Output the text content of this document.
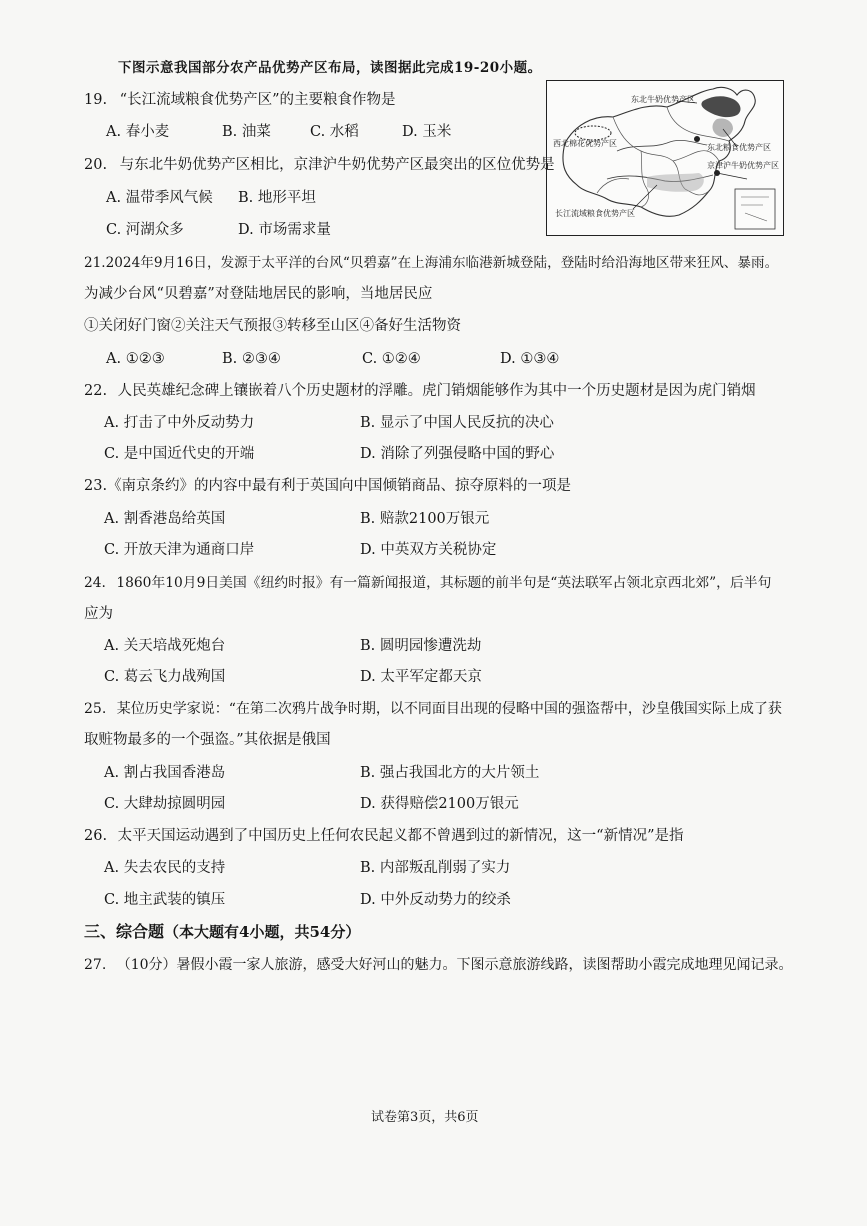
下图示意我国部分农产品优势产区布局，读图据此完成19-20小题。
东北牛奶优势产区
西北棉花优势产区	东北粮食优势产区
京津沪牛奶优势产区
长江流域粮食优势产区
19. “长江流域粮食优势产区”的主要粮食作物是
A. 春小麦	B. 油菜	C. 水稻	D. 玉米
20. 与东北牛奶优势产区相比，京津沪牛奶优势产区最突出的区位优势是
A. 温带季风气候 B. 地形平坦
C. 河湖众多	D. 市场需求量
21.2024年9月16日，发源于太平洋的台风“贝碧嘉”在上海浦东临港新城登陆，登陆时给沿海地区带来狂风、暴雨。
为减少台风“贝碧嘉”对登陆地居民的影响，当地居民应
①关闭好门窗②关注天气预报③转移至山区④备好生活物资
A. ①②③	B. ②③④	C. ①②④	D. ①③④
22. 人民英雄纪念碑上镶嵌着八个历史题材的浮雕。虎门销烟能够作为其中一个历史题材是因为虎门销烟
A. 打击了中外反动势力	B. 显示了中国人民反抗的决心
C. 是中国近代史的开端	D. 消除了列强侵略中国的野心
23.《南京条约》的内容中最有利于英国向中国倾销商品、掠夺原料的一项是
A. 割香港岛给英国	B. 赔款2100万银元
C. 开放天津为通商口岸	D. 中英双方关税协定
24. 1860年10月9日美国《纽约时报》有一篇新闻报道，其标题的前半句是“英法联军占领北京西北郊”，后半句
应为
A. 关天培战死炮台	B. 圆明园惨遭洗劫
C. 葛云飞力战殉国	D. 太平军定都天京
25. 某位历史学家说：“在第二次鸦片战争时期，以不同面目出现的侵略中国的强盗帮中，沙皇俄国实际上成了获
取赃物最多的一个强盗。”其依据是俄国
A. 割占我国香港岛	B. 强占我国北方的大片领土
C. 大肆劫掠圆明园	D. 获得赔偿2100万银元
26. 太平天国运动遇到了中国历史上任何农民起义都不曾遇到过的新情况，这一“新情况”是指
A. 失去农民的支持	B. 内部叛乱削弱了实力
C. 地主武装的镇压	D. 中外反动势力的绞杀
三、综合题（本大题有4小题，共54分）
27. （10分）暑假小霞一家人旅游，感受大好河山的魅力。下图示意旅游线路，读图帮助小霞完成地理见闻记录。
试卷第3页，共6页
